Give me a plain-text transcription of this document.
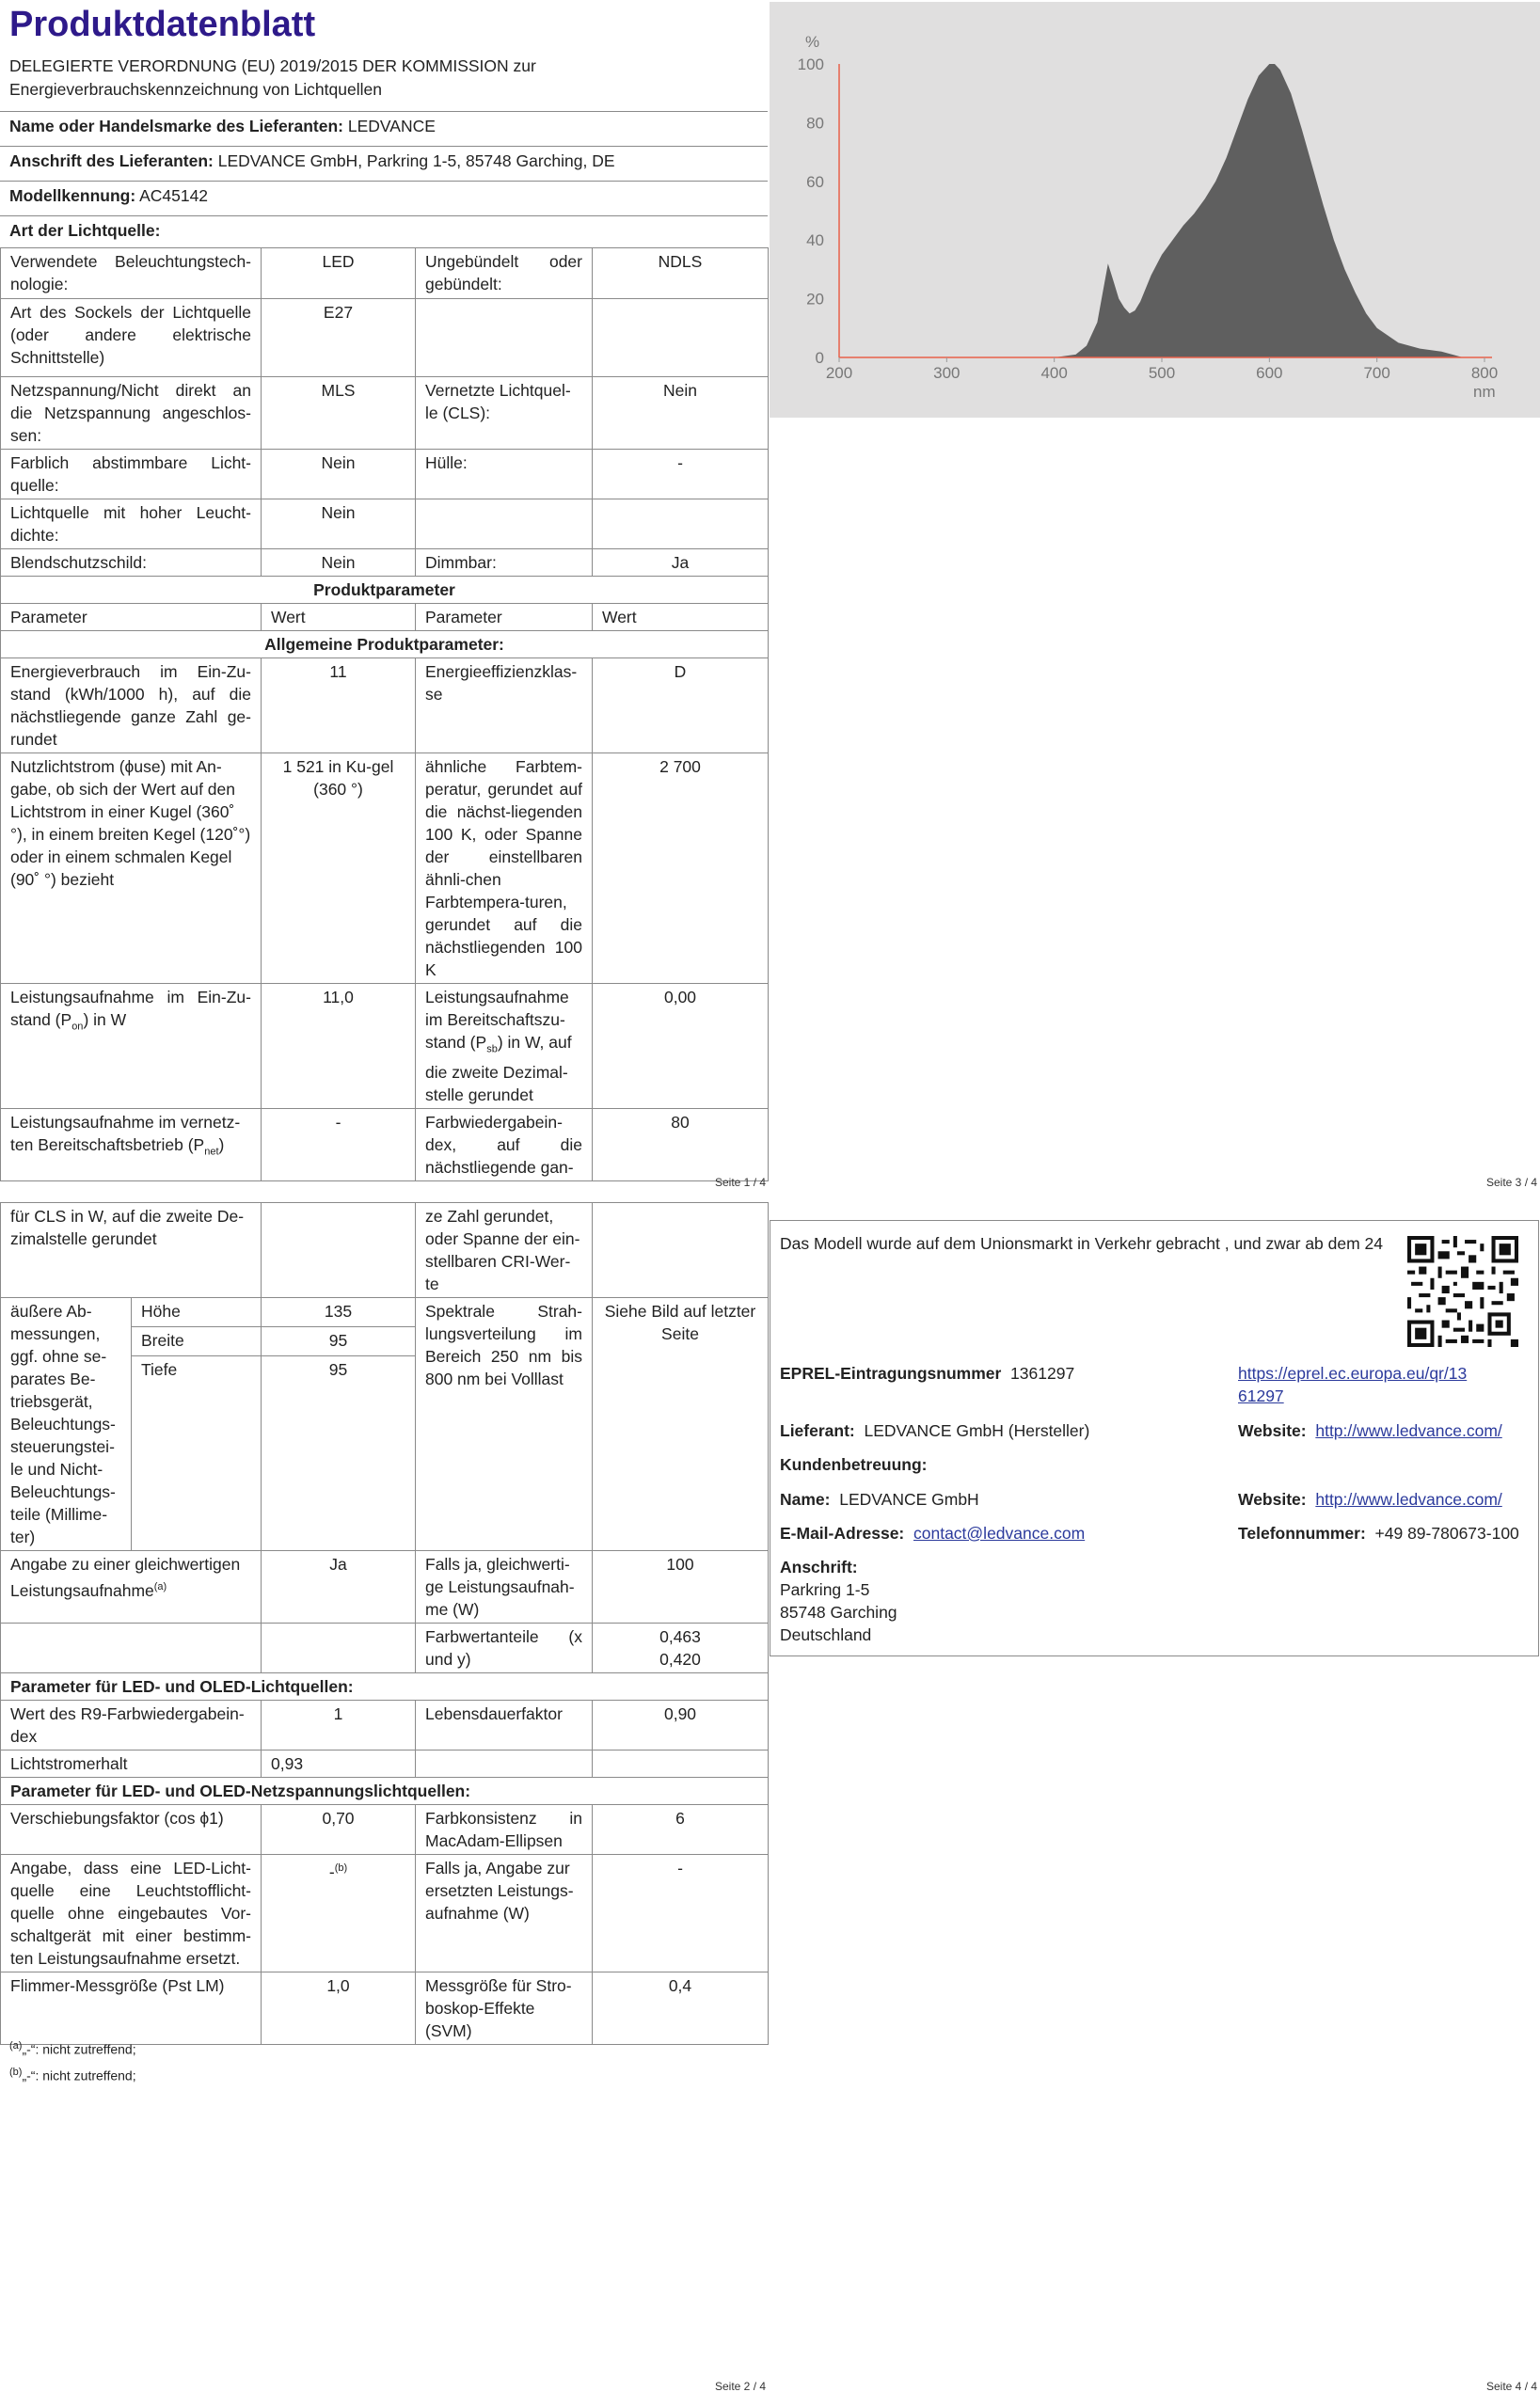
Produktdatenblatt
DELEGIERTE VERORDNUNG (EU) 2019/2015 DER KOMMISSION zur Energieverbrauchskennzeichnung von Lichtquellen
Name oder Handelsmarke des Lieferanten: LEDVANCE
Anschrift des Lieferanten: LEDVANCE GmbH, Parkring 1-5, 85748 Garching, DE
Modellkennung: AC45142
Art der Lichtquelle:
Verwendete Beleuchtungstech-nologie:	LED	Ungebündelt oder gebündelt:	NDLS
Art des Sockels der Lichtquelle (oder andere elektrische Schnittstelle)	E27		
Netzspannung/Nicht direkt an die Netzspannung angeschlos-sen:	MLS	Vernetzte Lichtquel-le (CLS):	Nein
Farblich abstimmbare Licht-quelle:	Nein	Hülle:	-
Lichtquelle mit hoher Leucht-dichte:	Nein		
Blendschutzschild:	Nein	Dimmbar:	Ja
Produktparameter			
Parameter	Wert	Parameter	Wert
Allgemeine Produktparameter:			
Energieverbrauch im Ein-Zu-stand (kWh/1000 h), auf die nächstliegende ganze Zahl ge-rundet	11	Energieeffizienzklas-se	D
Nutzlichtstrom (ϕuse) mit An-gabe, ob sich der Wert auf den Lichtstrom in einer Kugel (360˚ °), in einem breiten Kegel (120˚°) oder in einem schmalen Kegel (90˚ °) bezieht	1 521 in Ku-gel (360 °)	ähnliche Farbtem-peratur, gerundet auf die nächst-liegenden 100 K, oder Spanne der einstellbaren ähnli-chen Farbtempera-turen, gerundet auf die nächstliegenden 100 K	2 700
Leistungsaufnahme im Ein-Zu-stand $(P_{on})$ in W	11,0	Leistungsaufnahme im Bereitschaftszu-stand $(P_{sb})$ in W, auf die zweite Dezimal-stelle gerundet	0,00
Leistungsaufnahme im vernetz-ten Bereitschaftsbetrieb $(P_{net})$	-	Farbwiedergabein-dex, auf die nächstliegende gan-	80
Seite 1 / 4
%
nm
0
20
40
60
80
100
200	300	400	500	600	700	800
Seite 3 / 4
für CLS in W, auf die zweite De-zimalstelle gerundet			ze Zahl gerundet, oder Spanne der ein-stellbaren CRI-Wer-te	
äußere Ab-messungen, ggf. ohne se-parates Be-triebsgerät, Beleuchtungs-steuerungstei-le und Nicht-Beleuchtungs-teile (Millime-ter)	Höhe	135	Spektrale Strah-lungsverteilung im Bereich 250 nm bis 800 nm bei Volllast	Siehe Bild auf letzter Seite
	Breite	95		
	Tiefe	95		
Angabe zu einer gleichwertigen Leistungsaufnahme$^{(a)}$		Ja	Falls ja, gleichwerti-ge Leistungsaufnah-me (W)	100
			Farbwertanteile (x und y)	0,463
0,420

Parameter für LED- und OLED-Lichtquellen:				
Wert des R9-Farbwiedergabein-dex		1	Lebensdauerfaktor	0,90
Lichtstromerhalt		0,93		
Parameter für LED- und OLED-Netzspannungslichtquellen:				
Verschiebungsfaktor (cos ϕ1)		0,70	Farbkonsistenz in MacAdam-Ellipsen	6
Angabe, dass eine LED-Licht-quelle eine Leuchtstofflicht-quelle ohne eingebautes Vor-schaltgerät mit einer bestimm-ten Leistungsaufnahme ersetzt.		-$^{(b)}$	Falls ja, Angabe zur ersetzten Leistungs-aufnahme (W)	-
Flimmer-Messgröße (Pst LM)		1,0	Messgröße für Stro-boskop-Effekte (SVM)	0,4
$^{(a)}$„-“: nicht zutreffend;
$^{(b)}$„-“: nicht zutreffend;
Seite 2 / 4
Das Modell wurde auf dem Unionsmarkt in Verkehr gebracht , und zwar ab dem 24
EPREL-Eintragungsnummer 1361297	https://eprel.ec.europa.eu/qr/13
61297
Lieferant: LEDVANCE GmbH (Hersteller)	Website: http://www.ledvance.com/
Kundenbetreuung:
Name: LEDVANCE GmbH	Website: http://www.ledvance.com/
E-Mail-Adresse: contact@ledvance.com	Telefonnummer: +49 89-780673-100
Anschrift:
Parkring 1-5
85748 Garching
Deutschland
Seite 4 / 4
